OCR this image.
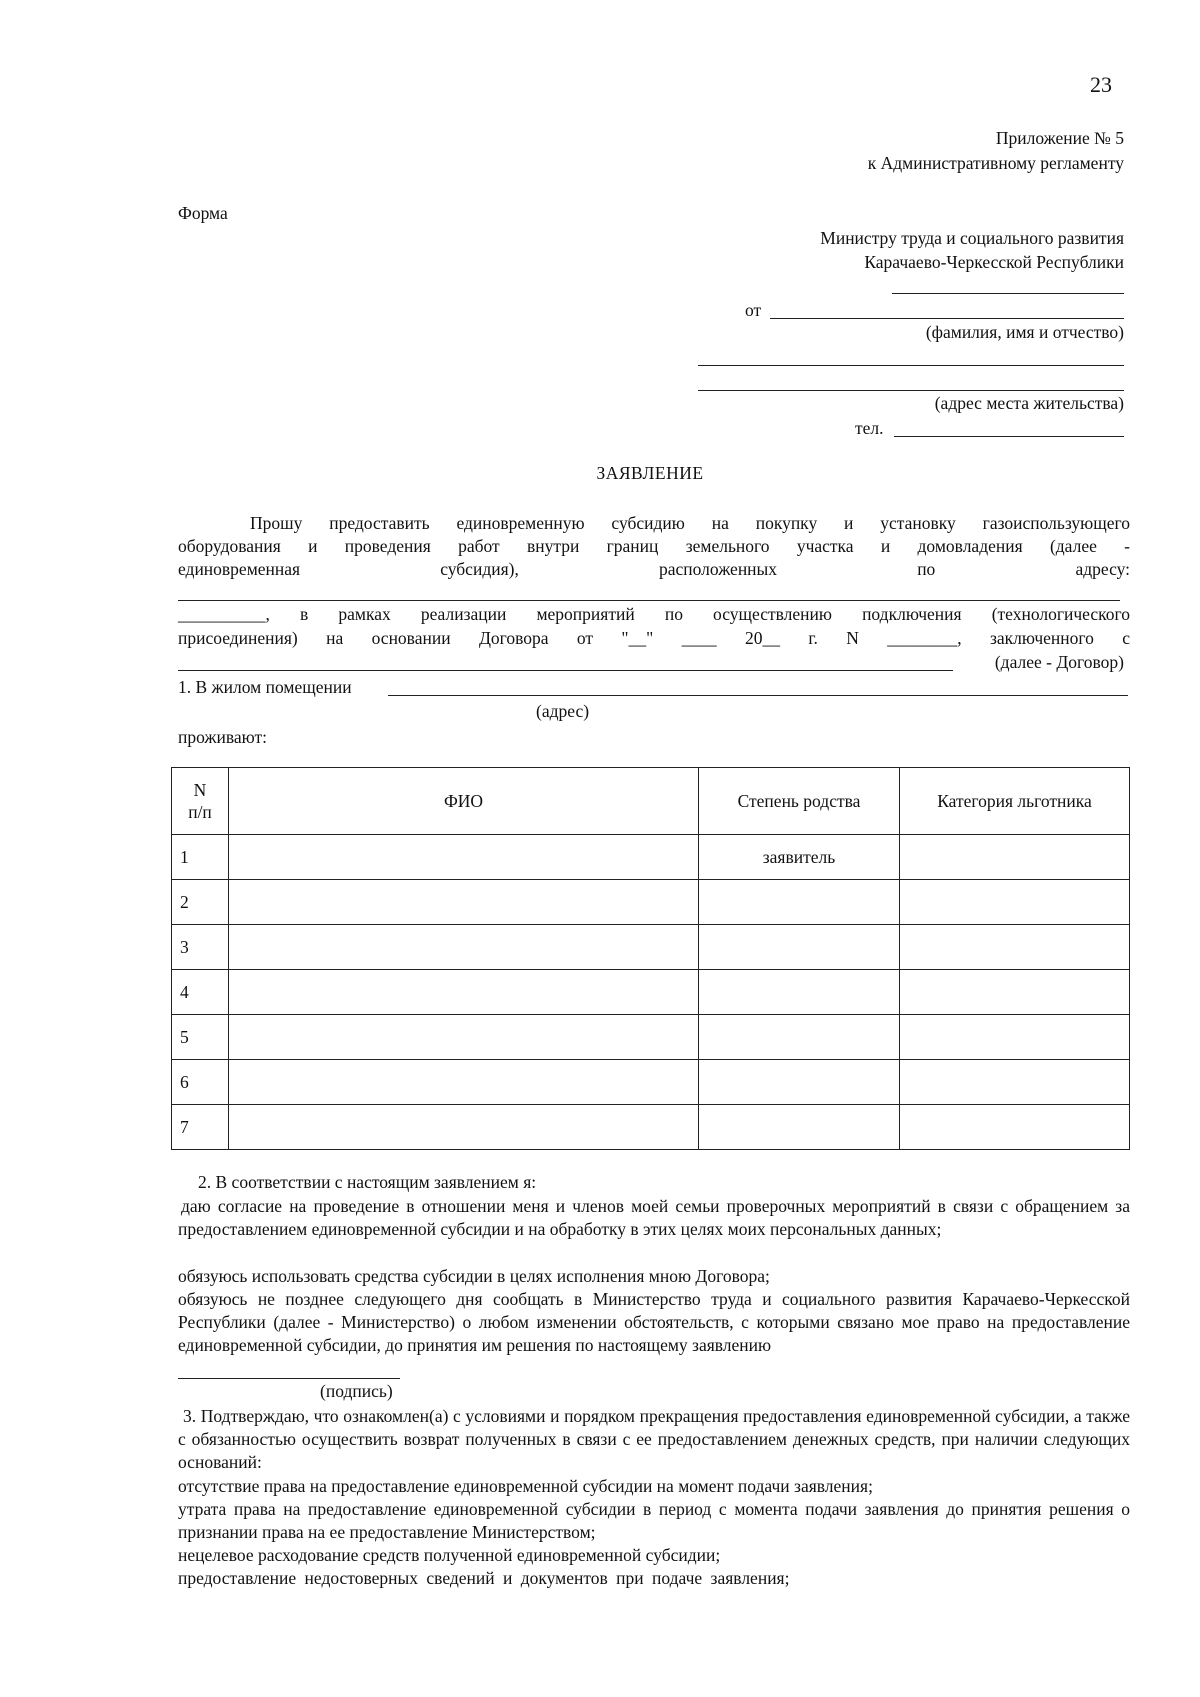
23
Приложение № 5
к Административному регламенту
Форма
Министру труда и социального развития
Карачаево-Черкесской Республики
от
(фамилия, имя и отчество)
(адрес места жительства)
тел.
ЗАЯВЛЕНИЕ
Прошу предоставить единовременную субсидию на покупку и установку газоиспользующего
оборудования и проведения работ внутри границ земельного участка и домовладения (далее -
единовременная субсидия), расположенных по адресу:
__________, в рамках реализации мероприятий по осуществлению подключения (технологического
присоединения) на основании Договора от "__" ____ 20__ г. N ________, заключенного с
(далее - Договор)
1. В жилом помещении
(адрес)
проживают:
N п/п	ФИО	Степень родства	Категория льготника
1		заявитель	
2			
3			
4			
5			
6			
7			
2. В соответствии с настоящим заявлением я:
даю согласие на проведение в отношении меня и членов моей семьи проверочных мероприятий в связи с обращением за предоставлением единовременной субсидии и на обработку в этих целях моих персональных данных;
обязуюсь использовать средства субсидии в целях исполнения мною Договора;
обязуюсь не позднее следующего дня сообщать в Министерство труда и социального развития Карачаево-Черкесской Республики (далее - Министерство) о любом изменении обстоятельств, с которыми связано мое право на предоставление единовременной субсидии, до принятия им решения по настоящему заявлению
(подпись)
3. Подтверждаю, что ознакомлен(а) с условиями и порядком прекращения предоставления единовременной субсидии, а также с обязанностью осуществить возврат полученных в связи с ее предоставлением денежных средств, при наличии следующих оснований:
отсутствие права на предоставление единовременной субсидии на момент подачи заявления;
утрата права на предоставление единовременной субсидии в период с момента подачи заявления до принятия решения о признании права на ее предоставление Министерством;
нецелевое расходование средств полученной единовременной субсидии;
предоставление недостоверных сведений и документов при подаче заявления;
